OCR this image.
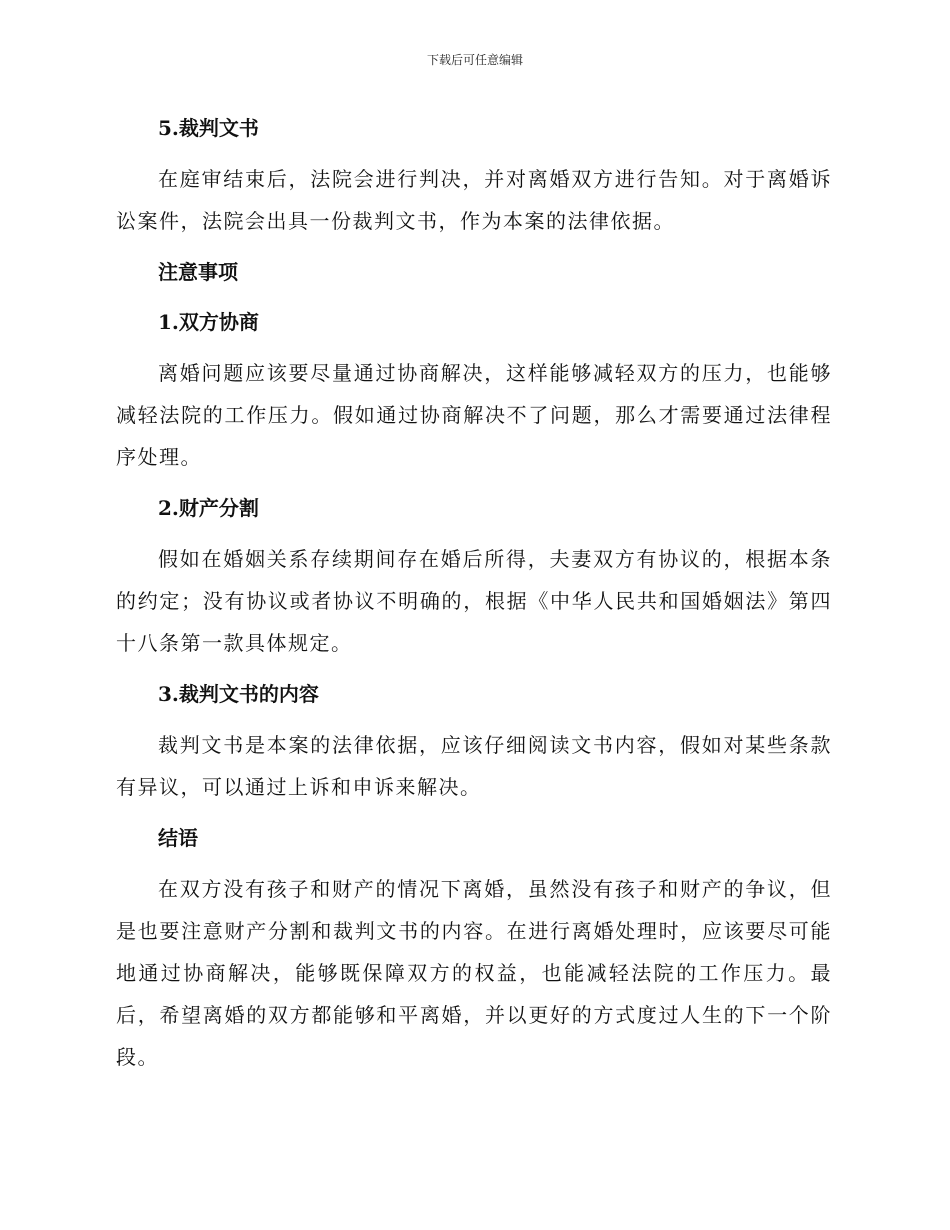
下载后可任意编辑
5.裁判文书

在庭审结束后，法院会进行判决，并对离婚双方进行告知。对于离婚诉讼案件，法院会出具一份裁判文书，作为本案的法律依据。

注意事项
1.双方协商

离婚问题应该要尽量通过协商解决，这样能够减轻双方的压力，也能够减轻法院的工作压力。假如通过协商解决不了问题，那么才需要通过法律程序处理。

2.财产分割

假如在婚姻关系存续期间存在婚后所得，夫妻双方有协议的，根据本条的约定；没有协议或者协议不明确的，根据《中华人民共和国婚姻法》第四十八条第一款具体规定。

3.裁判文书的内容

裁判文书是本案的法律依据，应该仔细阅读文书内容，假如对某些条款有异议，可以通过上诉和申诉来解决。

结语

在双方没有孩子和财产的情况下离婚，虽然没有孩子和财产的争议，但是也要注意财产分割和裁判文书的内容。在进行离婚处理时，应该要尽可能地通过协商解决，能够既保障双方的权益，也能减轻法院的工作压力。最后，希望离婚的双方都能够和平离婚，并以更好的方式度过人生的下一个阶段。
